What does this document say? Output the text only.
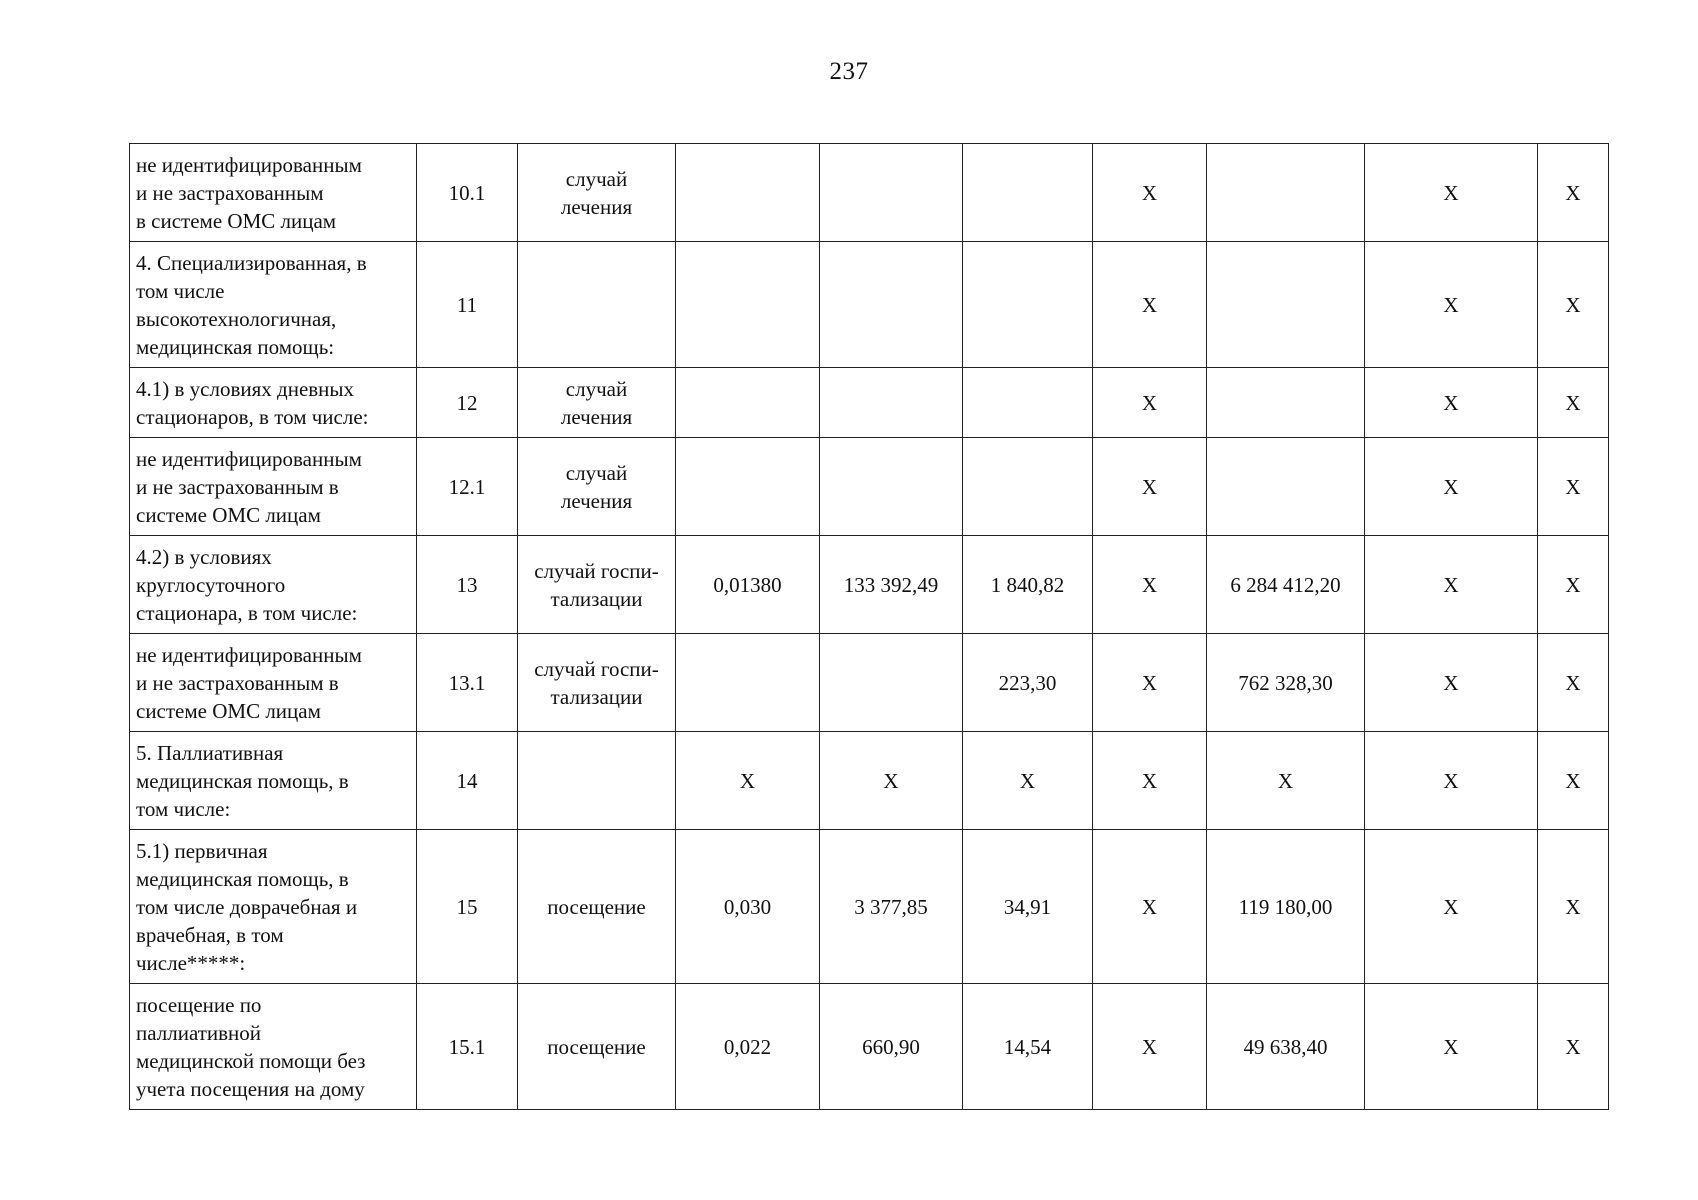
237
не идентифицированным
и не застрахованным
в системе ОМС лицам	10.1	случай
лечения				X		X	X

4. Специализированная, в
том числе
высокотехнологичная,
медицинская помощь:	11					X		X	X

4.1) в условиях дневных
стационаров, в том числе:	12	случай
лечения				X		X	X

не идентифицированным
и не застрахованным в
системе ОМС лицам	12.1	случай
лечения				X		X	X

4.2) в условиях
круглосуточного
стационара, в том числе:	13	случай госпи-
тализации	0,01380	133 392,49	1 840,82	X	6 284 412,20	X	X

не идентифицированным
и не застрахованным в
системе ОМС лицам	13.1	случай госпи-
тализации			223,30	X	762 328,30	X	X

5. Паллиативная
медицинская помощь, в
том числе:	14		X	X	X	X	X	X	X

5.1) первичная
медицинская помощь, в
том числе доврачебная и
врачебная, в том
числе*****:	15	посещение	0,030	3 377,85	34,91	X	119 180,00	X	X

посещение по
паллиативной
медицинской помощи без
учета посещения на дому	15.1	посещение	0,022	660,90	14,54	X	49 638,40	X	X
